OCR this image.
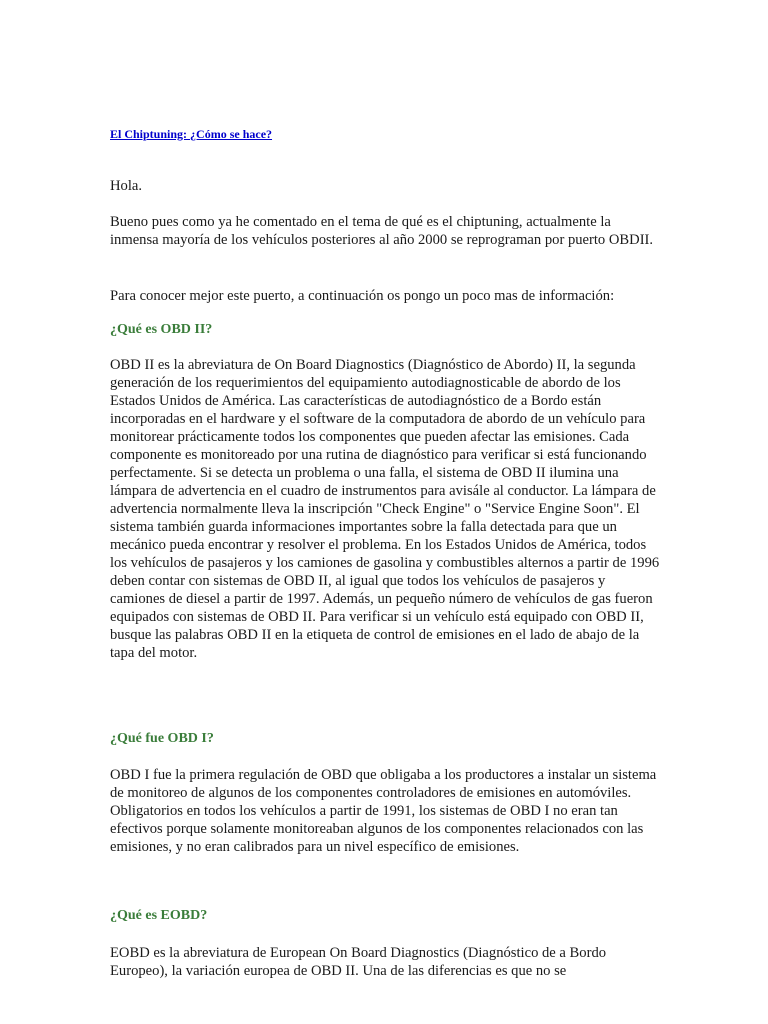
El Chiptuning: ¿Cómo se hace?

Hola.

Bueno pues como ya he comentado en el tema de qué es el chiptuning, actualmente la inmensa mayoría de los vehículos posteriores al año 2000 se reprograman por puerto OBDII.

Para conocer mejor este puerto, a continuación os pongo un poco mas de información:

¿Qué es OBD II?

OBD II es la abreviatura de On Board Diagnostics (Diagnóstico de Abordo) II, la segunda generación de los requerimientos del equipamiento autodiagnosticable de abordo de los Estados Unidos de América. Las características de autodiagnóstico de a Bordo están incorporadas en el hardware y el software de la computadora de abordo de un vehículo para monitorear prácticamente todos los componentes que pueden afectar las emisiones. Cada componente es monitoreado por una rutina de diagnóstico para verificar si está funcionando perfectamente. Si se detecta un problema o una falla, el sistema de OBD II ilumina una lámpara de advertencia en el cuadro de instrumentos para avisále al conductor. La lámpara de advertencia normalmente lleva la inscripción "Check Engine" o "Service Engine Soon". El sistema también guarda informaciones importantes sobre la falla detectada para que un mecánico pueda encontrar y resolver el problema. En los Estados Unidos de América, todos los vehículos de pasajeros y los camiones de gasolina y combustibles alternos a partir de 1996 deben contar con sistemas de OBD II, al igual que todos los vehículos de pasajeros y camiones de diesel a partir de 1997. Además, un pequeño número de vehículos de gas fueron equipados con sistemas de OBD II. Para verificar si un vehículo está equipado con OBD II, busque las palabras OBD II en la etiqueta de control de emisiones en el lado de abajo de la tapa del motor.

¿Qué fue OBD I?

OBD I fue la primera regulación de OBD que obligaba a los productores a instalar un sistema de monitoreo de algunos de los componentes controladores de emisiones en automóviles. Obligatorios en todos los vehículos a partir de 1991, los sistemas de OBD I no eran tan efectivos porque solamente monitoreaban algunos de los componentes relacionados con las emisiones, y no eran calibrados para un nivel específico de emisiones.

¿Qué es EOBD?

EOBD es la abreviatura de European On Board Diagnostics (Diagnóstico de a Bordo Europeo), la variación europea de OBD II. Una de las diferencias es que no se
